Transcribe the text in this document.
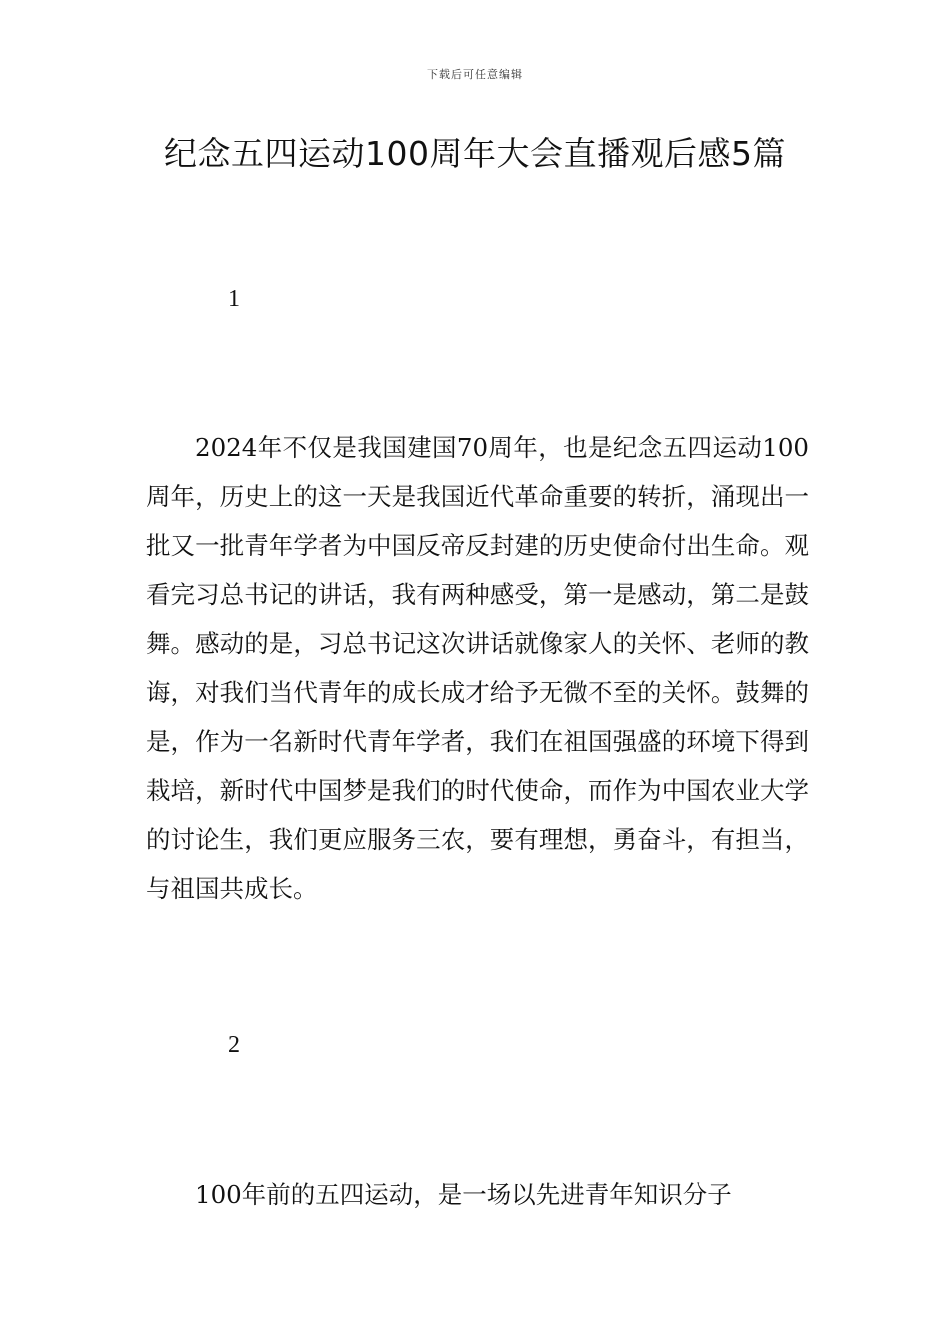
下载后可任意编辑
纪念五四运动100周年大会直播观后感5篇
1

2024年不仅是我国建国70周年，也是纪念五四运动100周年，历史上的这一天是我国近代革命重要的转折，涌现出一批又一批青年学者为中国反帝反封建的历史使命付出生命。观看完习总书记的讲话，我有两种感受，第一是感动，第二是鼓舞。感动的是，习总书记这次讲话就像家人的关怀、老师的教诲，对我们当代青年的成长成才给予无微不至的关怀。鼓舞的是，作为一名新时代青年学者，我们在祖国强盛的环境下得到栽培，新时代中国梦是我们的时代使命，而作为中国农业大学的讨论生，我们更应服务三农，要有理想，勇奋斗，有担当，与祖国共成长。

2

100年前的五四运动，是一场以先进青年知识分子
